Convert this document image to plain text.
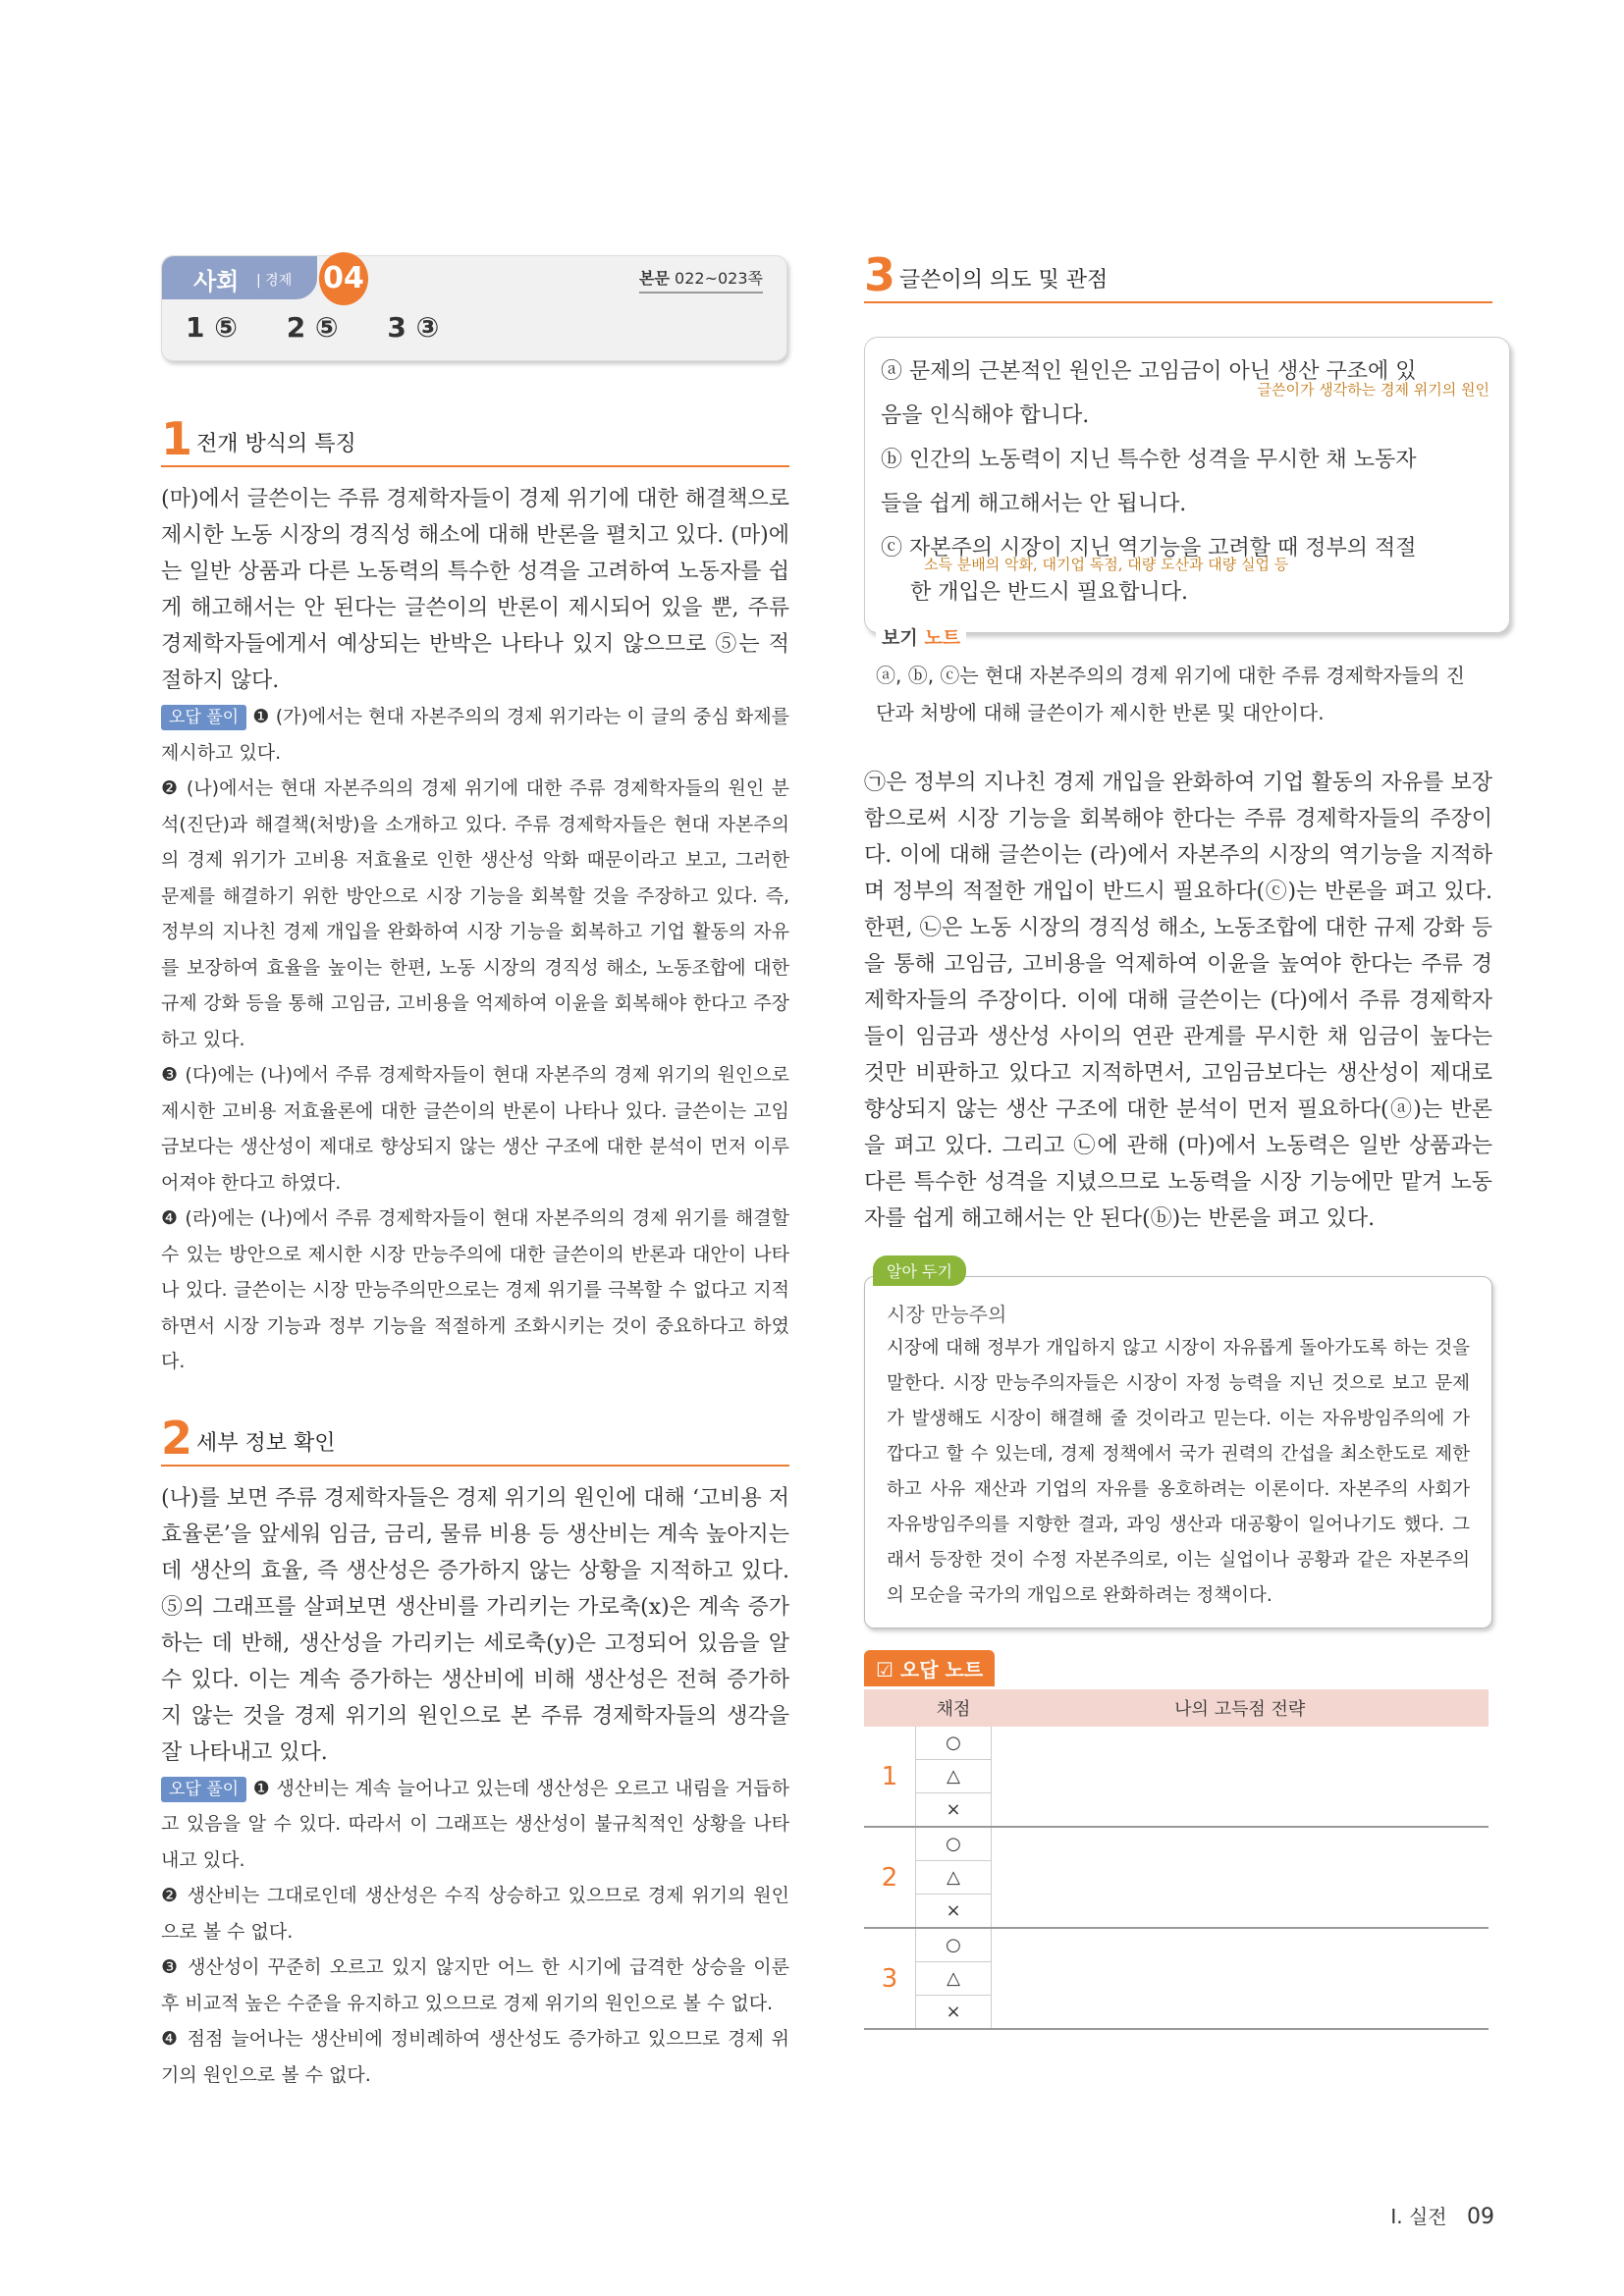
사회 | 경제 04	본문 022~023쪽
1 ⑤ 2 ⑤ 3 ③
1 전개 방식의 특징

(마)에서 글쓴이는 주류 경제학자들이 경제 위기에 대한 해결책으로 제시한 노동 시장의 경직성 해소에 대해 반론을 펼치고 있다. (마)에는 일반 상품과 다른 노동력의 특수한 성격을 고려하여 노동자를 쉽게 해고해서는 안 된다는 글쓴이의 반론이 제시되어 있을 뿐, 주류 경제학자들에게서 예상되는 반박은 나타나 있지 않으므로 ⑤는 적절하지 않다.

오답 풀이 ❶ (가)에서는 현대 자본주의의 경제 위기라는 이 글의 중심 화제를 제시하고 있다.

❷ (나)에서는 현대 자본주의의 경제 위기에 대한 주류 경제학자들의 원인 분석(진단)과 해결책(처방)을 소개하고 있다. 주류 경제학자들은 현대 자본주의의 경제 위기가 고비용 저효율로 인한 생산성 악화 때문이라고 보고, 그러한 문제를 해결하기 위한 방안으로 시장 기능을 회복할 것을 주장하고 있다. 즉, 정부의 지나친 경제 개입을 완화하여 시장 기능을 회복하고 기업 활동의 자유를 보장하여 효율을 높이는 한편, 노동 시장의 경직성 해소, 노동조합에 대한 규제 강화 등을 통해 고임금, 고비용을 억제하여 이윤을 회복해야 한다고 주장하고 있다.

❸ (다)에는 (나)에서 주류 경제학자들이 현대 자본주의 경제 위기의 원인으로 제시한 고비용 저효율론에 대한 글쓴이의 반론이 나타나 있다. 글쓴이는 고임금보다는 생산성이 제대로 향상되지 않는 생산 구조에 대한 분석이 먼저 이루어져야 한다고 하였다.

❹ (라)에는 (나)에서 주류 경제학자들이 현대 자본주의의 경제 위기를 해결할 수 있는 방안으로 제시한 시장 만능주의에 대한 글쓴이의 반론과 대안이 나타나 있다. 글쓴이는 시장 만능주의만으로는 경제 위기를 극복할 수 없다고 지적하면서 시장 기능과 정부 기능을 적절하게 조화시키는 것이 중요하다고 하였다.

2 세부 정보 확인

(나)를 보면 주류 경제학자들은 경제 위기의 원인에 대해 ‘고비용 저효율론’을 앞세워 임금, 금리, 물류 비용 등 생산비는 계속 높아지는데 생산의 효율, 즉 생산성은 증가하지 않는 상황을 지적하고 있다. ⑤의 그래프를 살펴보면 생산비를 가리키는 가로축(x)은 계속 증가하는 데 반해, 생산성을 가리키는 세로축(y)은 고정되어 있음을 알 수 있다. 이는 계속 증가하는 생산비에 비해 생산성은 전혀 증가하지 않는 것을 경제 위기의 원인으로 본 주류 경제학자들의 생각을 잘 나타내고 있다.

오답 풀이 ❶ 생산비는 계속 늘어나고 있는데 생산성은 오르고 내림을 거듭하고 있음을 알 수 있다. 따라서 이 그래프는 생산성이 불규칙적인 상황을 나타내고 있다.

❷ 생산비는 그대로인데 생산성은 수직 상승하고 있으므로 경제 위기의 원인으로 볼 수 없다.

❸ 생산성이 꾸준히 오르고 있지 않지만 어느 한 시기에 급격한 상승을 이룬 후 비교적 높은 수준을 유지하고 있으므로 경제 위기의 원인으로 볼 수 없다.

❹ 점점 늘어나는 생산비에 정비례하여 생산성도 증가하고 있으므로 경제 위기의 원인으로 볼 수 없다.

3 글쓴이의 의도 및 관점

ⓐ 문제의 근본적인 원인은 고임금이 아닌 생산 구조에 있

음을 인식해야 합니다.

글쓴이가 생각하는 경제 위기의 원인

ⓑ 인간의 노동력이 지닌 특수한 성격을 무시한 채 노동자

들을 쉽게 해고해서는 안 됩니다.

ⓒ 자본주의 시장이 지닌 역기능을 고려할 때 정부의 적절

소득 분배의 악화, 대기업 독점, 대량 도산과 대량 실업 등

한 개입은 반드시 필요합니다.

보기 노트

ⓐ, ⓑ, ⓒ는 현대 자본주의의 경제 위기에 대한 주류 경제학자들의 진단과 처방에 대해 글쓴이가 제시한 반론 및 대안이다.

㉠은 정부의 지나친 경제 개입을 완화하여 기업 활동의 자유를 보장함으로써 시장 기능을 회복해야 한다는 주류 경제학자들의 주장이다. 이에 대해 글쓴이는 (라)에서 자본주의 시장의 역기능을 지적하며 정부의 적절한 개입이 반드시 필요하다(ⓒ)는 반론을 펴고 있다. 한편, ㉡은 노동 시장의 경직성 해소, 노동조합에 대한 규제 강화 등을 통해 고임금, 고비용을 억제하여 이윤을 높여야 한다는 주류 경제학자들의 주장이다. 이에 대해 글쓴이는 (다)에서 주류 경제학자들이 임금과 생산성 사이의 연관 관계를 무시한 채 임금이 높다는 것만 비판하고 있다고 지적하면서, 고임금보다는 생산성이 제대로 향상되지 않는 생산 구조에 대한 분석이 먼저 필요하다(ⓐ)는 반론을 펴고 있다. 그리고 ㉡에 관해 (마)에서 노동력은 일반 상품과는 다른 특수한 성격을 지녔으므로 노동력을 시장 기능에만 맡겨 노동자를 쉽게 해고해서는 안 된다(ⓑ)는 반론을 펴고 있다.

알아 두기
시장 만능주의

시장에 대해 정부가 개입하지 않고 시장이 자유롭게 돌아가도록 하는 것을 말한다. 시장 만능주의자들은 시장이 자정 능력을 지닌 것으로 보고 문제가 발생해도 시장이 해결해 줄 것이라고 믿는다. 이는 자유방임주의에 가깝다고 할 수 있는데, 경제 정책에서 국가 권력의 간섭을 최소한도로 제한하고 사유 재산과 기업의 자유를 옹호하려는 이론이다. 자본주의 사회가 자유방임주의를 지향한 결과, 과잉 생산과 대공황이 일어나기도 했다. 그래서 등장한 것이 수정 자본주의로, 이는 실업이나 공황과 같은 자본주의의 모순을 국가의 개입으로 완화하려는 정책이다.

☑ 오답 노트
	채점	나의 고득점 전략
1	○	
	△	
	×	
2	○	
	△	
	×	
3	○	
	△	
	×	
Ⅰ. 실전 09
